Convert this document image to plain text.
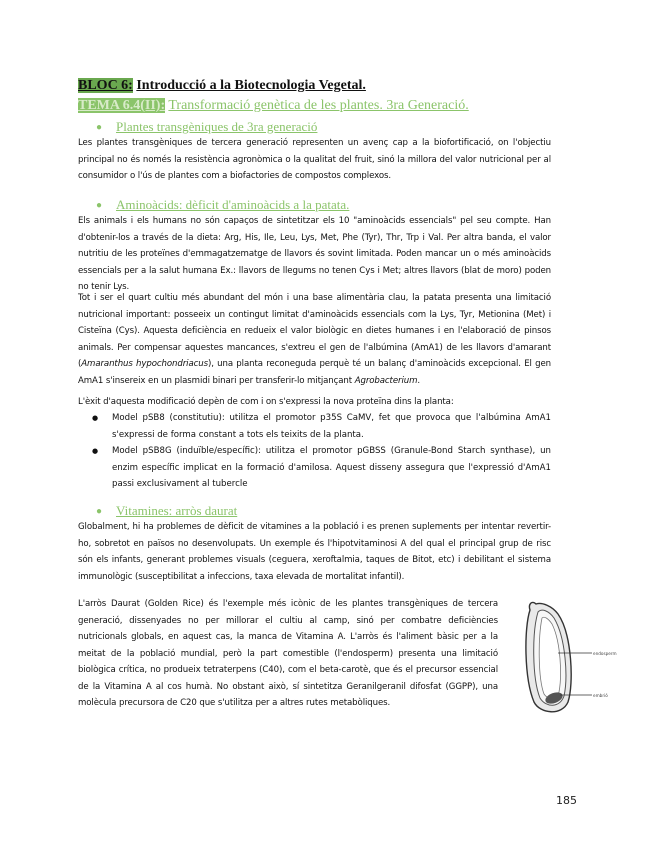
BLOC 6: Introducció a la Biotecnologia Vegetal.
TEMA 6.4(II): Transformació genètica de les plantes. 3ra Generació.
● Plantes transgèniques de 3ra generació

Les plantes transgèniques de tercera generació representen un avenç cap a la biofortificació, on l'objectiu principal no és només la resistència agronòmica o la qualitat del fruit, sinó la millora del valor nutricional per al consumidor o l'ús de plantes com a biofactories de compostos complexos.

● Aminoàcids: dèficit d'aminoàcids a la patata.

Els animals i els humans no són capaços de sintetitzar els 10 "aminoàcids essencials" pel seu compte. Han d'obtenir-los a través de la dieta: Arg, His, Ile, Leu, Lys, Met, Phe (Tyr), Thr, Trp i Val. Per altra banda, el valor nutritiu de les proteïnes d'emmagatzematge de llavors és sovint limitada. Poden mancar un o més aminoàcids essencials per a la salut humana Ex.: llavors de llegums no tenen Cys i Met; altres llavors (blat de moro) poden no tenir Lys.

Tot i ser el quart cultiu més abundant del món i una base alimentària clau, la patata presenta una limitació nutricional important: posseeix un contingut limitat d'aminoàcids essencials com la Lys, Tyr, Metionina (Met) i Cisteïna (Cys). Aquesta deficiència en redueix el valor biològic en dietes humanes i en l'elaboració de pinsos animals. Per compensar aquestes mancances, s'extreu el gen de l'albúmina (AmA1) de les llavors d'amarant (Amaranthus hypochondriacus), una planta reconeguda perquè té un balanç d'aminoàcids excepcional. El gen AmA1 s'insereix en un plasmidi binari per transferir-lo mitjançant Agrobacterium.

L'èxit d'aquesta modificació depèn de com i on s'expressi la nova proteïna dins la planta:

●	Model pSB8 (constitutiu): utilitza el promotor p35S CaMV, fet que provoca que l'albúmina AmA1 s'expressi de forma constant a tots els teixits de la planta.
●	Model pSB8G (induïble/específic): utilitza el promotor pGBSS (Granule-Bond Starch synthase), un enzim específic implicat en la formació d'amilosa. Aquest disseny assegura que l'expressió d'AmA1 passi exclusivament al tubercle
● Vitamines: arròs daurat

Globalment, hi ha problemes de dèficit de vitamines a la població i es prenen suplements per intentar revertir-ho, sobretot en països no desenvolupats. Un exemple és l'hipotvitaminosi A del qual el principal grup de risc són els infants, generant problemes visuals (ceguera, xeroftalmia, taques de Bitot, etc) i debilitant el sistema immunològic (susceptibilitat a infeccions, taxa elevada de mortalitat infantil).

L'arròs Daurat (Golden Rice) és l'exemple més icònic de les plantes transgèniques de tercera generació, dissenyades no per millorar el cultiu al camp, sinó per combatre deficiències nutricionals globals, en aquest cas, la manca de Vitamina A. L'arròs és l'aliment bàsic per a la meitat de la població mundial, però la part comestible (l'endosperm) presenta una limitació biològica crítica, no produeix tetraterpens (C40), com el beta-carotè, que és el precursor essencial de la Vitamina A al cos humà. No obstant això, sí sintetitza Geranilgeranil difosfat (GGPP), una molècula precursora de C20 que s'utilitza per a altres rutes metabòliques.

endosperm
embrió
185
